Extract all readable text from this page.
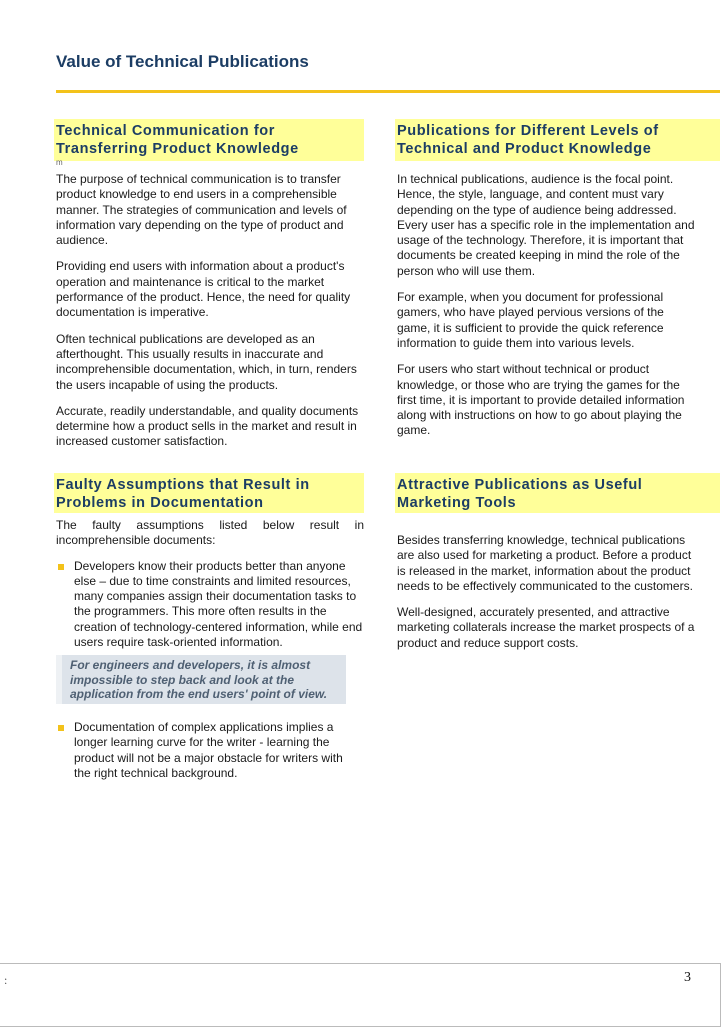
Value of Technical Publications
Technical Communication for
Transferring Product Knowledge
m

The purpose of technical communication is to transfer product knowledge to end users in a comprehensible manner. The strategies of communication and levels of information vary depending on the type of product and audience.

Providing end users with information about a product's operation and maintenance is critical to the market performance of the product. Hence, the need for quality documentation is imperative.

Often technical publications are developed as an afterthought. This usually results in inaccurate and incomprehensible documentation, which, in turn, renders the users incapable of using the products.

Accurate, readily understandable, and quality documents determine how a product sells in the market and result in increased customer satisfaction.

Publications for Different Levels of
Technical and Product Knowledge

In technical publications, audience is the focal point. Hence, the style, language, and content must vary depending on the type of audience being addressed. Every user has a specific role in the implementation and usage of the technology. Therefore, it is important that documents be created keeping in mind the role of the person who will use them.

For example, when you document for professional gamers, who have played pervious versions of the game, it is sufficient to provide the quick reference information to guide them into various levels.

For users who start without technical or product knowledge, or those who are trying the games for the first time, it is important to provide detailed information along with instructions on how to go about playing the game.

Faulty Assumptions that Result in
Problems in Documentation
The faulty assumptions listed below result in
incomprehensible documents:
Developers know their products better than anyone else – due to time constraints and limited resources, many companies assign their documentation tasks to the programmers. This more often results in the creation of technology-centered information, while end users require task-oriented information.
For engineers and developers, it is almost impossible to step back and look at the application from the end users' point of view.
Documentation of complex applications implies a longer learning curve for the writer - learning the product will not be a major obstacle for writers with the right technical background.
Attractive Publications as Useful
Marketing Tools

Besides transferring knowledge, technical publications are also used for marketing a product. Before a product is released in the market, information about the product needs to be effectively communicated to the customers.

Well-designed, accurately presented, and attractive marketing collaterals increase the market prospects of a product and reduce support costs.

:	3
